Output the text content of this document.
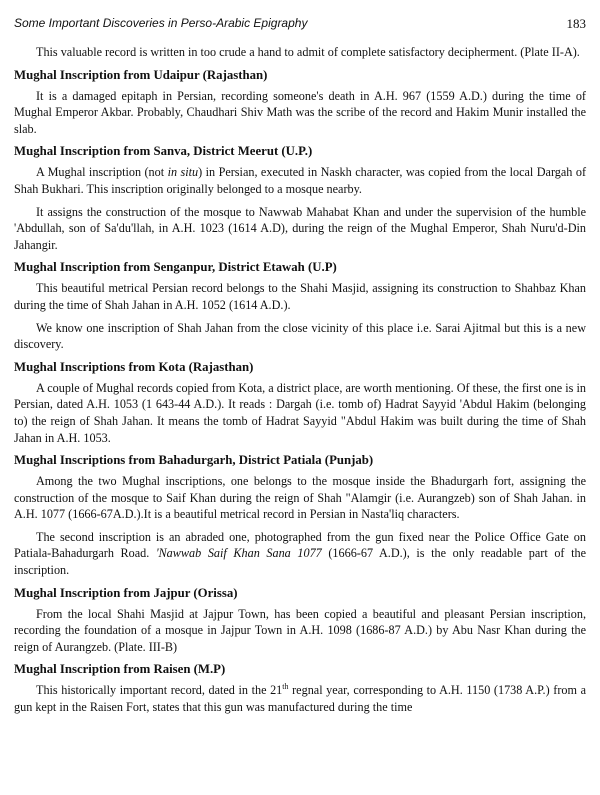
Some Important Discoveries in Perso-Arabic Epigraphy	183

This valuable record is written in too crude a hand to admit of complete satisfactory decipherment. (Plate II-A).

Mughal Inscription from Udaipur (Rajasthan)

It is a damaged epitaph in Persian, recording someone's death in A.H. 967 (1559 A.D.) during the time of Mughal Emperor Akbar. Probably, Chaudhari Shiv Math was the scribe of the record and Hakim Munir installed the slab.

Mughal Inscription from Sanva, District Meerut (U.P.)

A Mughal inscription (not in situ) in Persian, executed in Naskh character, was copied from the local Dargah of Shah Bukhari. This inscription originally belonged to a mosque nearby.

It assigns the construction of the mosque to Nawwab Mahabat Khan and under the supervision of the humble 'Abdullah, son of Sa'du'llah, in A.H. 1023 (1614 A.D), during the reign of the Mughal Emperor, Shah Nuru'd-Din Jahangir.

Mughal Inscription from Senganpur, District Etawah (U.P)

This beautiful metrical Persian record belongs to the Shahi Masjid, assigning its construction to Shahbaz Khan during the time of Shah Jahan in A.H. 1052 (1614 A.D.).

We know one inscription of Shah Jahan from the close vicinity of this place i.e. Sarai Ajitmal but this is a new discovery.

Mughal Inscriptions from Kota (Rajasthan)

A couple of Mughal records copied from Kota, a district place, are worth mentioning. Of these, the first one is in Persian, dated A.H. 1053 (1 643-44 A.D.). It reads : Dargah (i.e. tomb of) Hadrat Sayyid 'Abdul Hakim (belonging to) the reign of Shah Jahan. It means the tomb of Hadrat Sayyid "Abdul Hakim was built during the time of Shah Jahan in A.H. 1053.

Mughal Inscriptions from Bahadurgarh, District Patiala (Punjab)

Among the two Mughal inscriptions, one belongs to the mosque inside the Bhadurgarh fort, assigning the construction of the mosque to Saif Khan during the reign of Shah "Alamgir (i.e. Aurangzeb) son of Shah Jahan. in A.H. 1077 (1666-67A.D.).It is a beautiful metrical record in Persian in Nasta'liq characters.

The second inscription is an abraded one, photographed from the gun fixed near the Police Office Gate on Patiala-Bahadurgarh Road. 'Nawwab Saif Khan Sana 1077 (1666-67 A.D.), is the only readable part of the inscription.

Mughal Inscription from Jajpur (Orissa)

From the local Shahi Masjid at Jajpur Town, has been copied a beautiful and pleasant Persian inscription, recording the foundation of a mosque in Jajpur Town in A.H. 1098 (1686-87 A.D.) by Abu Nasr Khan during the reign of Aurangzeb. (Plate. III-B)

Mughal Inscription from Raisen (M.P)

This historically important record, dated in the 21th regnal year, corresponding to A.H. 1150 (1738 A.P.) from a gun kept in the Raisen Fort, states that this gun was manufactured during the time
